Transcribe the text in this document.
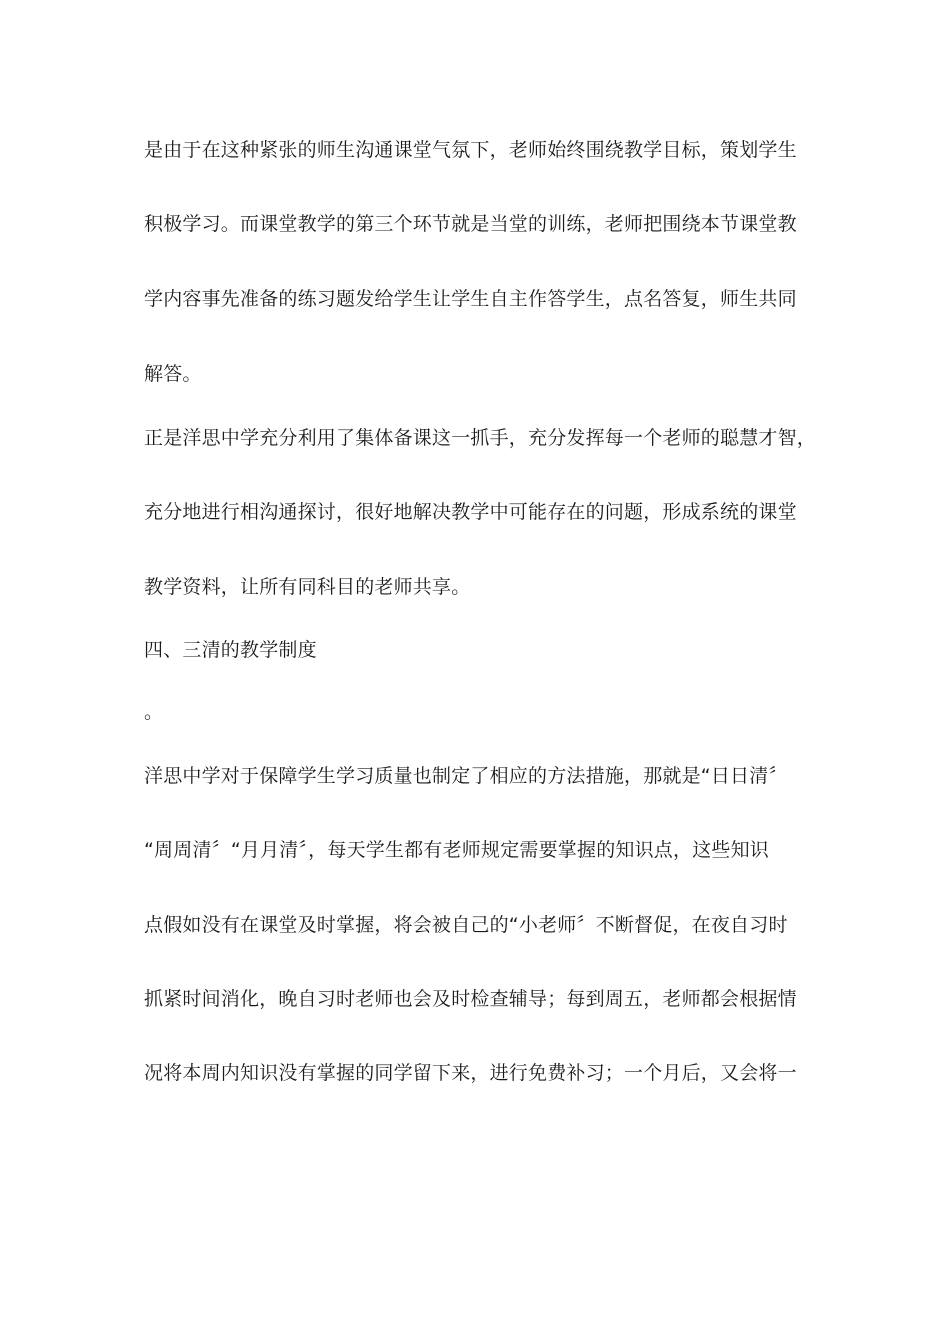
是由于在这种紧张的师生沟通课堂气氛下，老师始终围绕教学目标，策划学生
积极学习。而课堂教学的第三个环节就是当堂的训练，老师把围绕本节课堂教
学内容事先准备的练习题发给学生让学生自主作答学生，点名答复，师生共同
解答。
正是洋思中学充分利用了集体备课这一抓手，充分发挥每一个老师的聪慧才智，
充分地进行相沟通探讨，很好地解决教学中可能存在的问题，形成系统的课堂
教学资料，让所有同科目的老师共享。
四、三清的教学制度
。
洋思中学对于保障学生学习质量也制定了相应的方法措施，那就是“日日清〞
“周周清〞“月月清〞，每天学生都有老师规定需要掌握的知识点，这些知识
点假如没有在课堂及时掌握，将会被自己的“小老师〞不断督促，在夜自习时
抓紧时间消化，晚自习时老师也会及时检查辅导；每到周五，老师都会根据情
况将本周内知识没有掌握的同学留下来，进行免费补习；一个月后，又会将一
